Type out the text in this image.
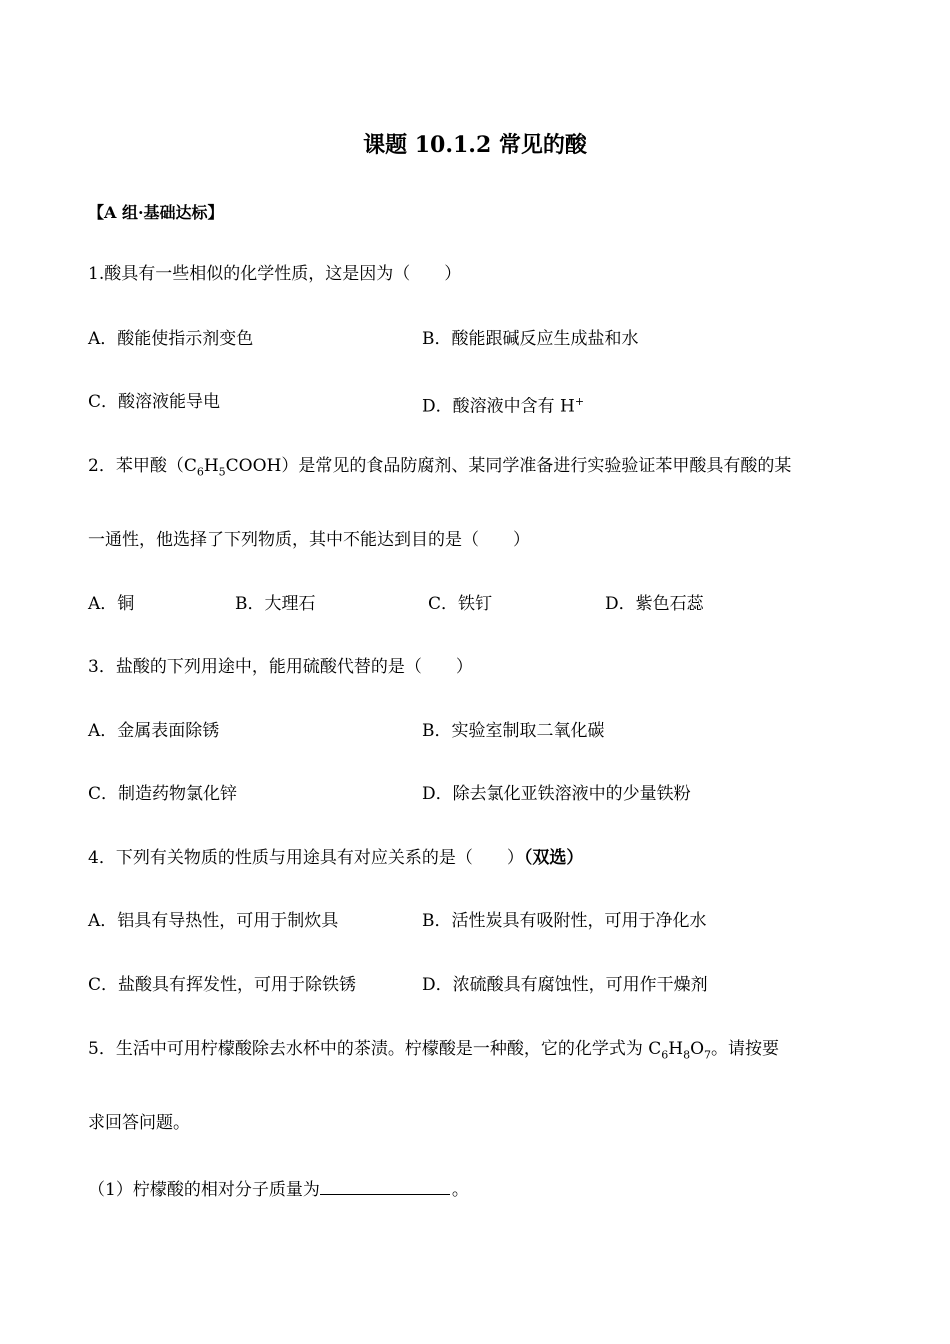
课题 10.1.2 常见的酸
【A 组·基础达标】
1.酸具有一些相似的化学性质，这是因为（　　）
A．酸能使指示剂变色	B．酸能跟碱反应生成盐和水
C．酸溶液能导电	D．酸溶液中含有 H+
2．苯甲酸$(C_6H_5COOH)$是常见的食品防腐剂、某同学准备进行实验验证苯甲酸具有酸的某
一通性，他选择了下列物质，其中不能达到目的是（　　）
A．铜	B．大理石	C．铁钉	D．紫色石蕊
3．盐酸的下列用途中，能用硫酸代替的是（　　）
A．金属表面除锈	B．实验室制取二氧化碳
C．制造药物氯化锌	D．除去氯化亚铁溶液中的少量铁粉
4．下列有关物质的性质与用途具有对应关系的是（　　）（双选）
A．铝具有导热性，可用于制炊具	B．活性炭具有吸附性，可用于净化水
C．盐酸具有挥发性，可用于除铁锈	D．浓硫酸具有腐蚀性，可用作干燥剂
5．生活中可用柠檬酸除去水杯中的茶渍。柠檬酸是一种酸，它的化学式为 $C_6H_8O_7$。请按要
求回答问题。
（1）柠檬酸的相对分子质量为	。
